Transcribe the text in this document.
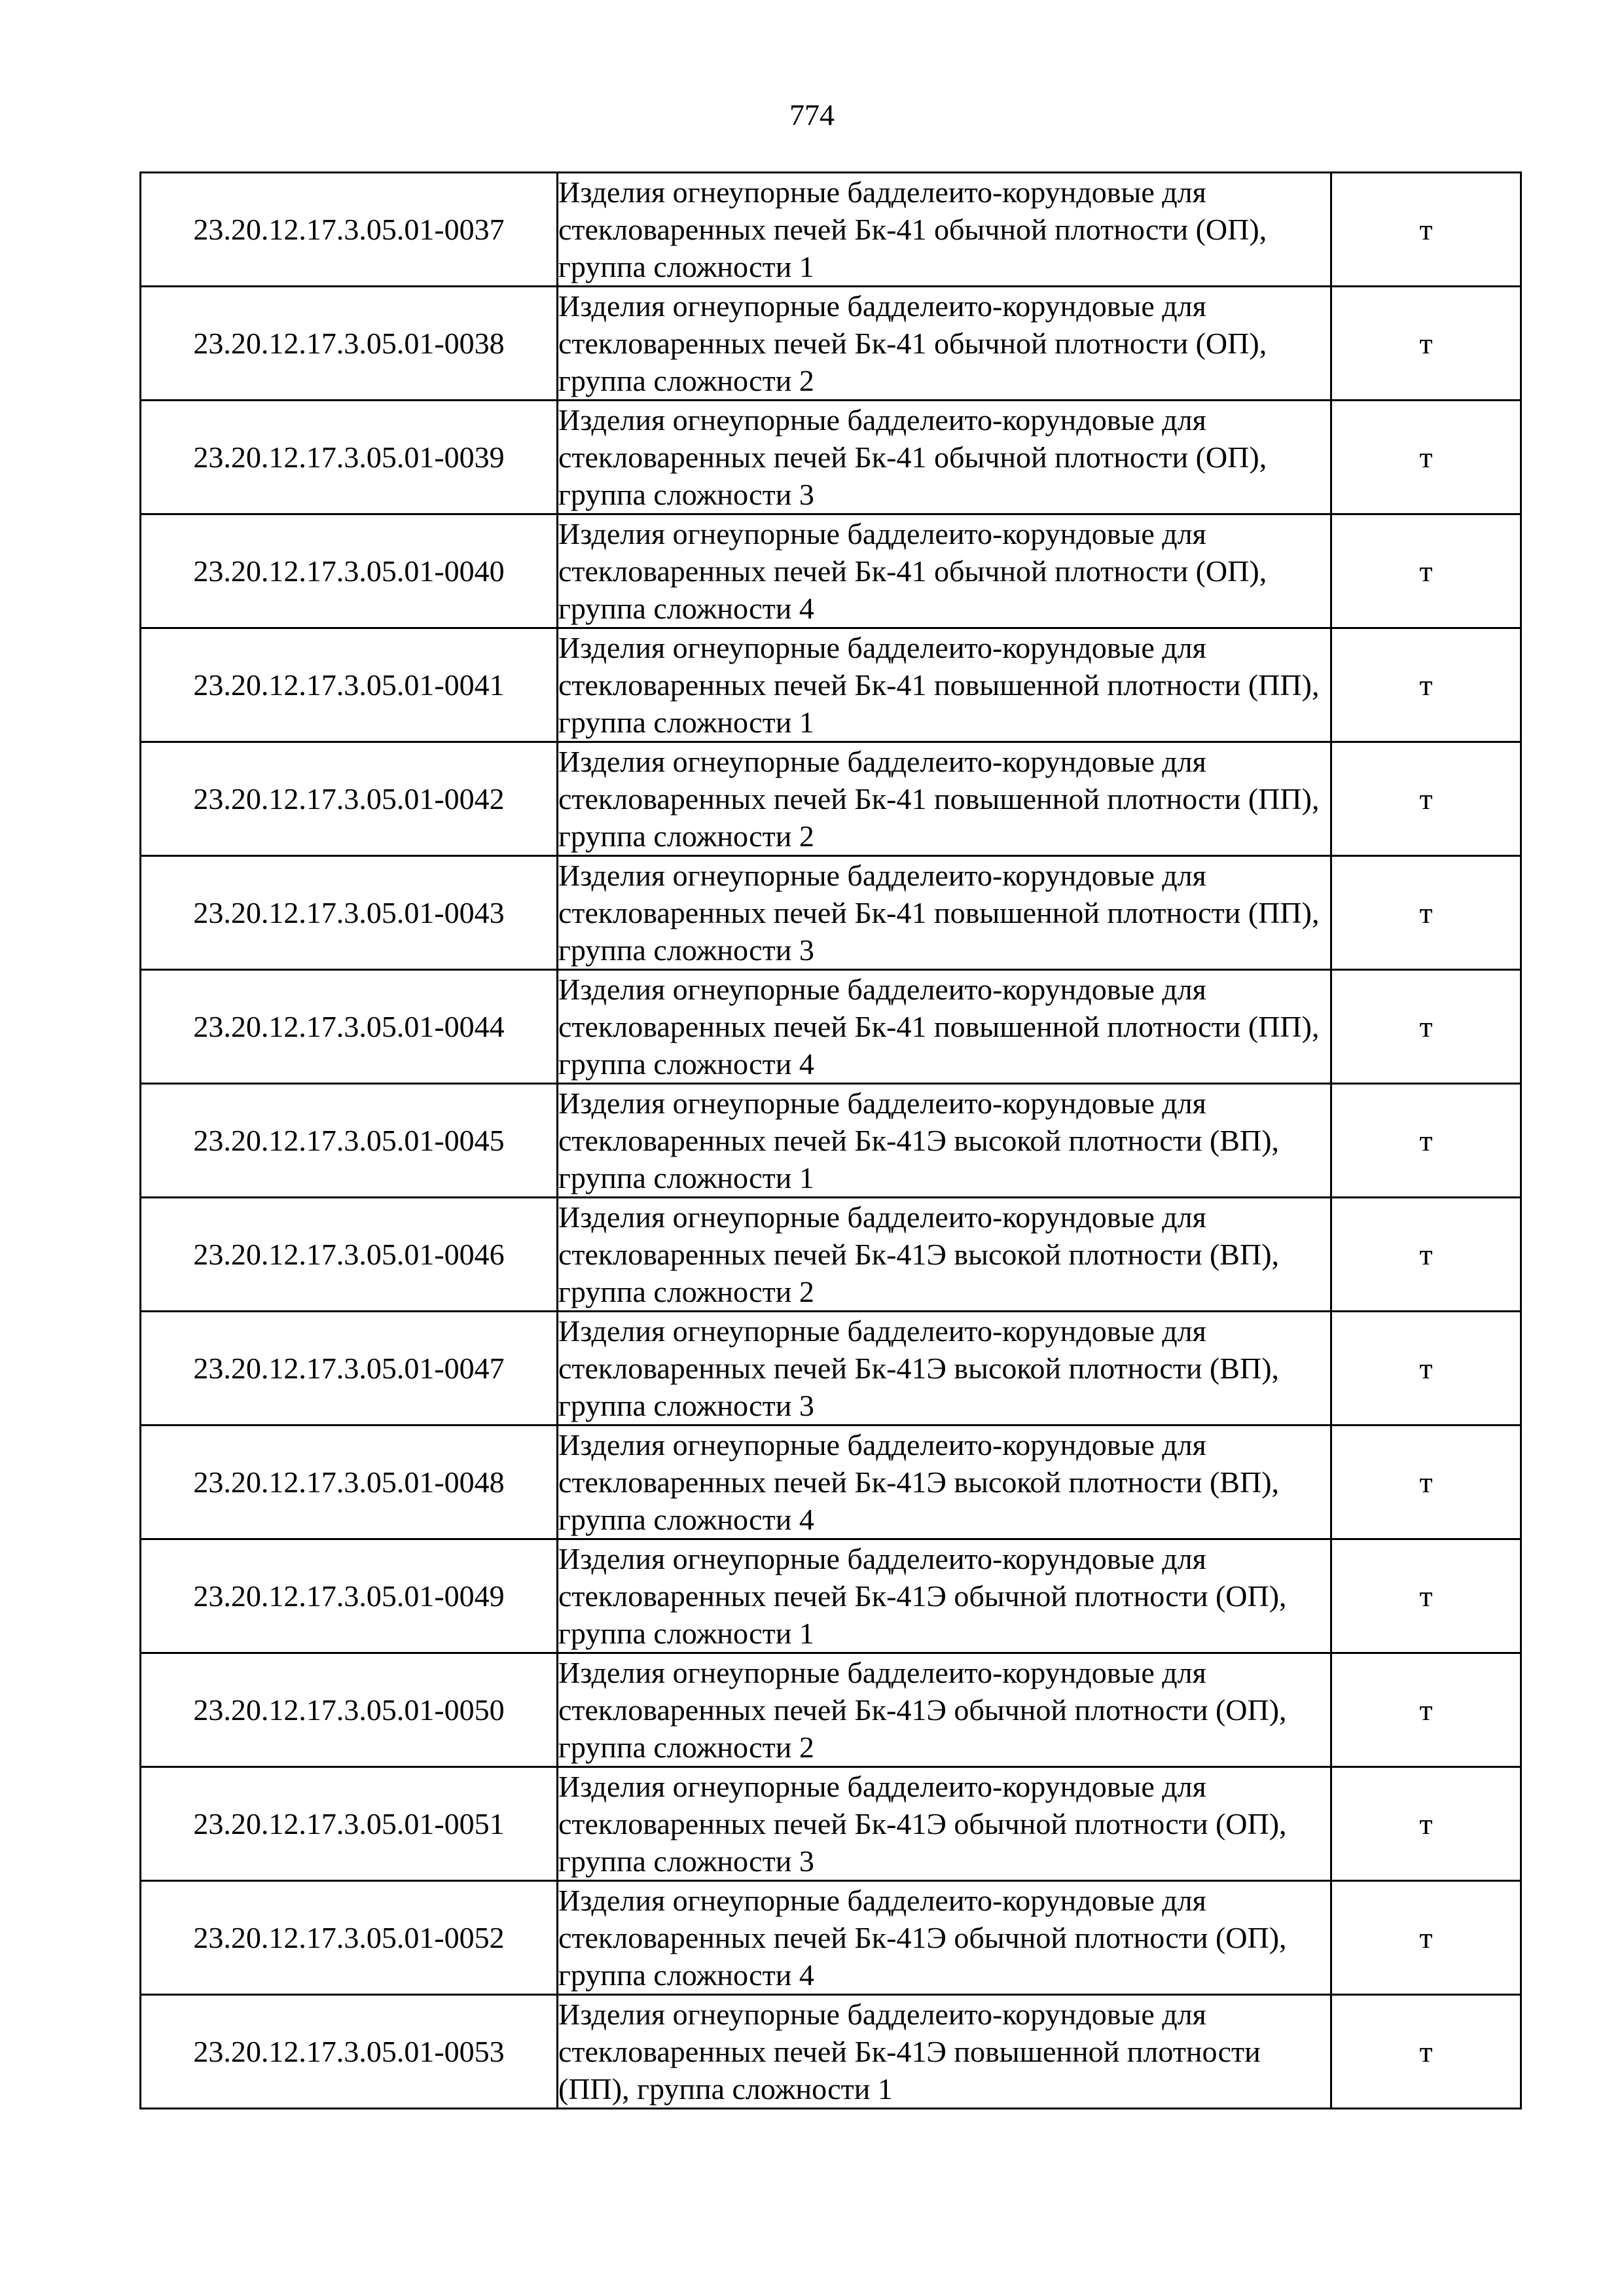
774
23.20.12.17.3.05.01-0037	Изделия огнеупорные бадделеито-корундовые для стекловаренных печей Бк-41 обычной плотности (ОП), группа сложности 1	т
23.20.12.17.3.05.01-0038	Изделия огнеупорные бадделеито-корундовые для стекловаренных печей Бк-41 обычной плотности (ОП), группа сложности 2	т
23.20.12.17.3.05.01-0039	Изделия огнеупорные бадделеито-корундовые для стекловаренных печей Бк-41 обычной плотности (ОП), группа сложности 3	т
23.20.12.17.3.05.01-0040	Изделия огнеупорные бадделеито-корундовые для стекловаренных печей Бк-41 обычной плотности (ОП), группа сложности 4	т
23.20.12.17.3.05.01-0041	Изделия огнеупорные бадделеито-корундовые для стекловаренных печей Бк-41 повышенной плотности (ПП), группа сложности 1	т
23.20.12.17.3.05.01-0042	Изделия огнеупорные бадделеито-корундовые для стекловаренных печей Бк-41 повышенной плотности (ПП), группа сложности 2	т
23.20.12.17.3.05.01-0043	Изделия огнеупорные бадделеито-корундовые для стекловаренных печей Бк-41 повышенной плотности (ПП), группа сложности 3	т
23.20.12.17.3.05.01-0044	Изделия огнеупорные бадделеито-корундовые для стекловаренных печей Бк-41 повышенной плотности (ПП), группа сложности 4	т
23.20.12.17.3.05.01-0045	Изделия огнеупорные бадделеито-корундовые для стекловаренных печей Бк-41Э высокой плотности (ВП), группа сложности 1	т
23.20.12.17.3.05.01-0046	Изделия огнеупорные бадделеито-корундовые для стекловаренных печей Бк-41Э высокой плотности (ВП), группа сложности 2	т
23.20.12.17.3.05.01-0047	Изделия огнеупорные бадделеито-корундовые для стекловаренных печей Бк-41Э высокой плотности (ВП), группа сложности 3	т
23.20.12.17.3.05.01-0048	Изделия огнеупорные бадделеито-корундовые для стекловаренных печей Бк-41Э высокой плотности (ВП), группа сложности 4	т
23.20.12.17.3.05.01-0049	Изделия огнеупорные бадделеито-корундовые для стекловаренных печей Бк-41Э обычной плотности (ОП), группа сложности 1	т
23.20.12.17.3.05.01-0050	Изделия огнеупорные бадделеито-корундовые для стекловаренных печей Бк-41Э обычной плотности (ОП), группа сложности 2	т
23.20.12.17.3.05.01-0051	Изделия огнеупорные бадделеито-корундовые для стекловаренных печей Бк-41Э обычной плотности (ОП), группа сложности 3	т
23.20.12.17.3.05.01-0052	Изделия огнеупорные бадделеито-корундовые для стекловаренных печей Бк-41Э обычной плотности (ОП), группа сложности 4	т
23.20.12.17.3.05.01-0053	Изделия огнеупорные бадделеито-корундовые для стекловаренных печей Бк-41Э повышенной плотности (ПП), группа сложности 1	т
